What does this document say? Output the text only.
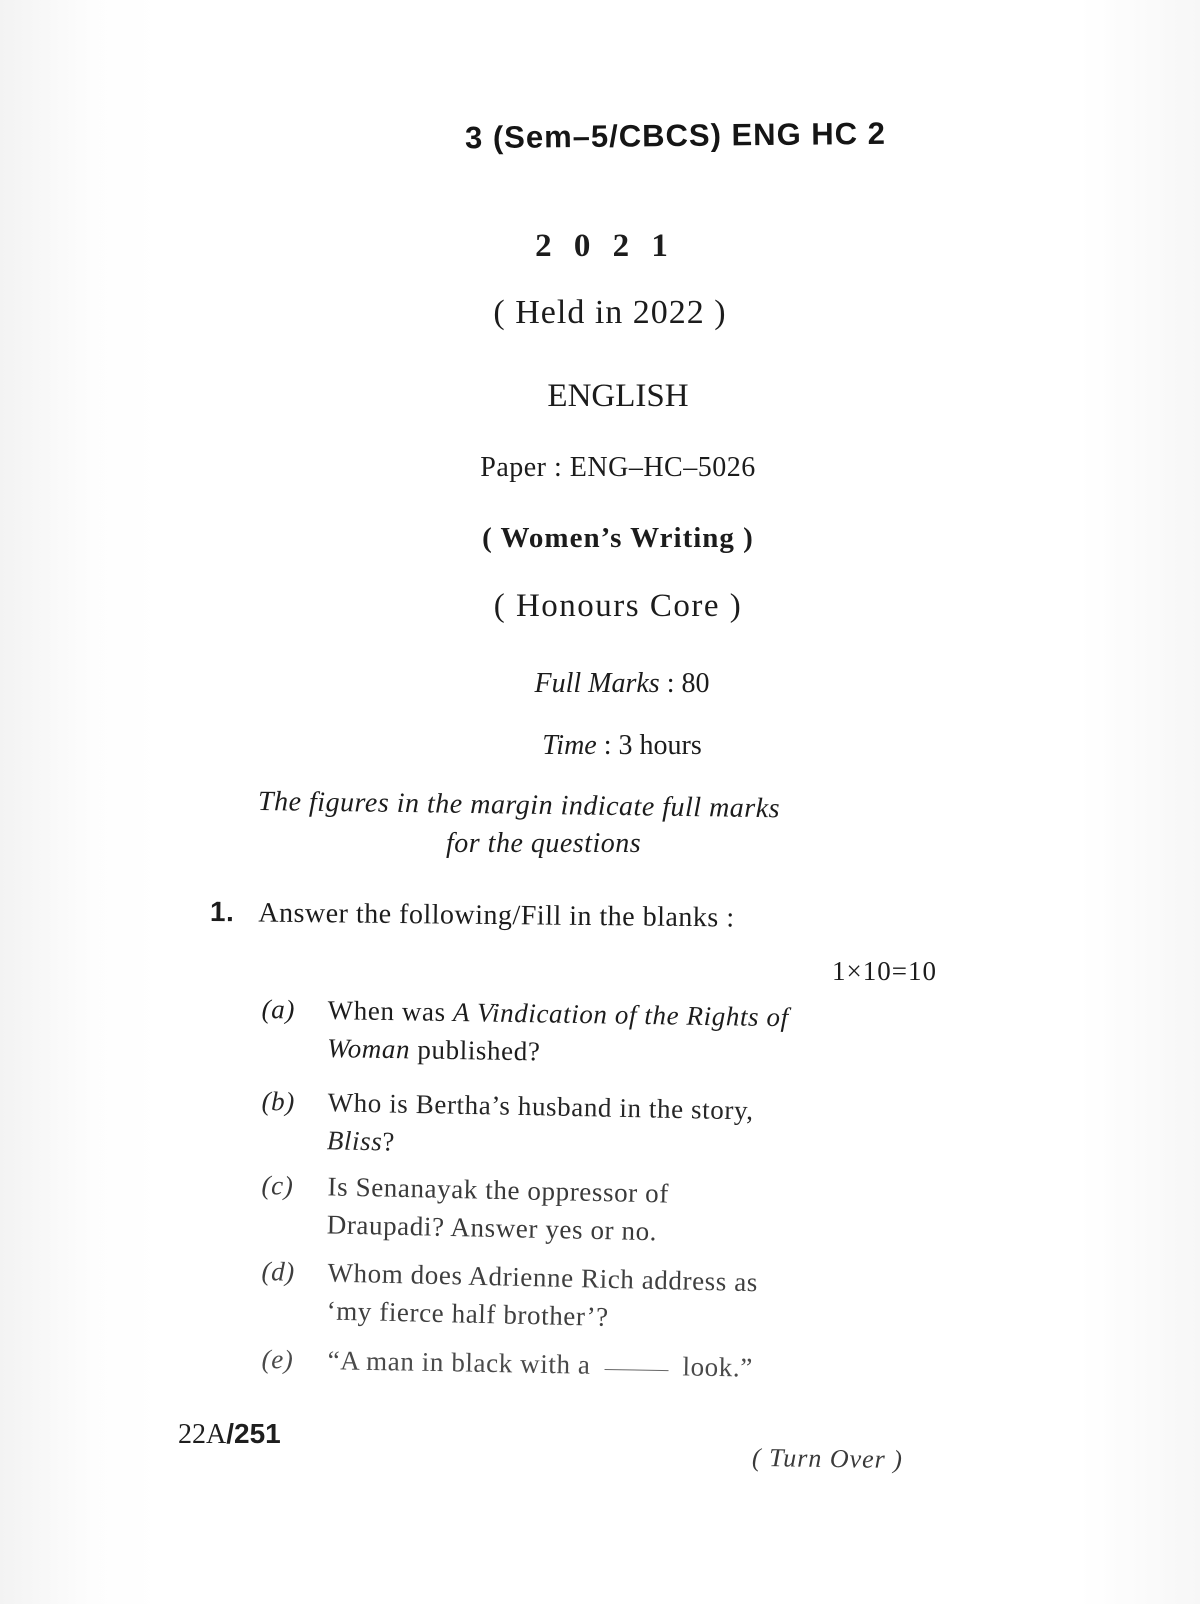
3 (Sem–5/CBCS) ENG HC 2
2 0 2 1
( Held in 2022 )
ENGLISH
Paper : ENG–HC–5026
( Women’s Writing )
( Honours Core )
Full Marks : 80
Time : 3 hours
The figures in the margin indicate full marks
for the questions
1. Answer the following/Fill in the blanks :
1×10=10
(a) When was A Vindication of the Rights of
Woman published?
(b) Who is Bertha’s husband in the story,
Bliss?
(c) Is Senanayak the oppressor of
Draupadi? Answer yes or no.
(d) Whom does Adrienne Rich address as
‘my fierce half brother’?
(e) “A man in black with a	look.”
22A/251
( Turn Over )
